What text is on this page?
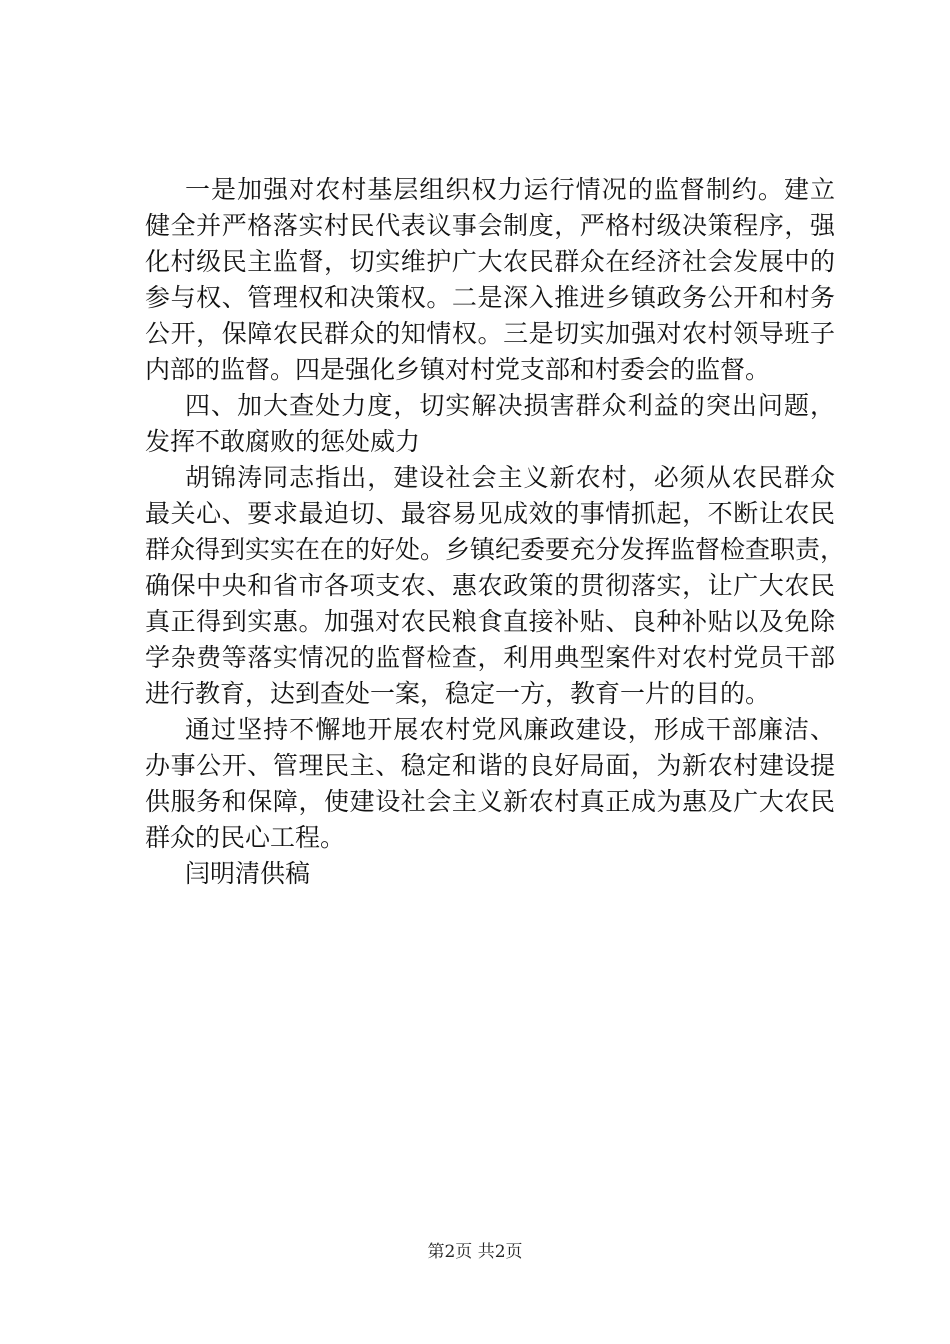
一是加强对农村基层组织权力运行情况的监督制约。建立
健全并严格落实村民代表议事会制度，严格村级决策程序，强
化村级民主监督，切实维护广大农民群众在经济社会发展中的
参与权、管理权和决策权。二是深入推进乡镇政务公开和村务
公开，保障农民群众的知情权。三是切实加强对农村领导班子
内部的监督。四是强化乡镇对村党支部和村委会的监督。
四、加大查处力度，切实解决损害群众利益的突出问题，
发挥不敢腐败的惩处威力
胡锦涛同志指出，建设社会主义新农村，必须从农民群众
最关心、要求最迫切、最容易见成效的事情抓起，不断让农民
群众得到实实在在的好处。乡镇纪委要充分发挥监督检查职责，
确保中央和省市各项支农、惠农政策的贯彻落实，让广大农民
真正得到实惠。加强对农民粮食直接补贴、良种补贴以及免除
学杂费等落实情况的监督检查，利用典型案件对农村党员干部
进行教育，达到查处一案，稳定一方，教育一片的目的。
通过坚持不懈地开展农村党风廉政建设，形成干部廉洁、
办事公开、管理民主、稳定和谐的良好局面，为新农村建设提
供服务和保障，使建设社会主义新农村真正成为惠及广大农民
群众的民心工程。
闫明清供稿
第2页 共2页
